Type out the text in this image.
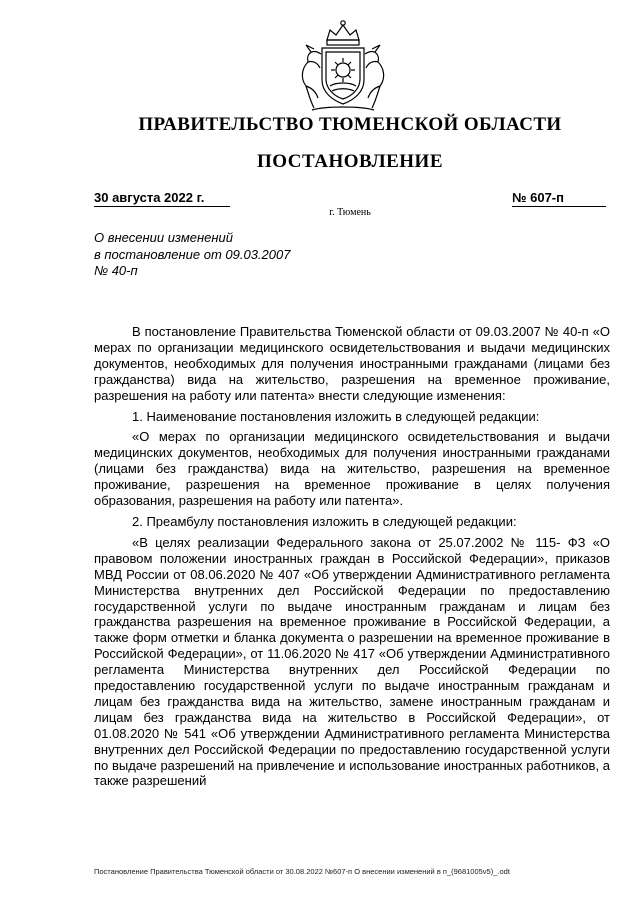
ПРАВИТЕЛЬСТВО ТЮМЕНСКОЙ ОБЛАСТИ
ПОСТАНОВЛЕНИЕ
30 августа 2022 г.	№ 607-п
г. Тюмень
О внесении изменений
в постановление от 09.03.2007
№ 40-п

В постановление Правительства Тюменской области от 09.03.2007 № 40-п «О мерах по организации медицинского освидетельствования и выдачи медицинских документов, необходимых для получения иностранными гражданами (лицами без гражданства) вида на жительство, разрешения на временное проживание, разрешения на работу или патента» внести следующие изменения:

1. Наименование постановления изложить в следующей редакции:

«О мерах по организации медицинского освидетельствования и выдачи медицинских документов, необходимых для получения иностранными гражданами (лицами без гражданства) вида на жительство, разрешения на временное проживание, разрешения на временное проживание в целях получения образования, разрешения на работу или патента».

2. Преамбулу постановления изложить в следующей редакции:

«В целях реализации Федерального закона от 25.07.2002 № 115- ФЗ «О правовом положении иностранных граждан в Российской Федерации», приказов МВД России от 08.06.2020 № 407 «Об утверждении Административного регламента Министерства внутренних дел Российской Федерации по предоставлению государственной услуги по выдаче иностранным гражданам и лицам без гражданства разрешения на временное проживание в Российской Федерации, а также форм отметки и бланка документа о разрешении на временное проживание в Российской Федерации», от 11.06.2020 № 417 «Об утверждении Административного регламента Министерства внутренних дел Российской Федерации по предоставлению государственной услуги по выдаче иностранным гражданам и лицам без гражданства вида на жительство, замене иностранным гражданам и лицам без гражданства вида на жительство в Российской Федерации», от 01.08.2020 № 541 «Об утверждении Административного регламента Министерства внутренних дел Российской Федерации по предоставлению государственной услуги по выдаче разрешений на привлечение и использование иностранных работников, а также разрешений

Постановление Правительства Тюменской области от 30.08.2022 №607-п О внесении изменений в п_(9681005v5)_.odt
